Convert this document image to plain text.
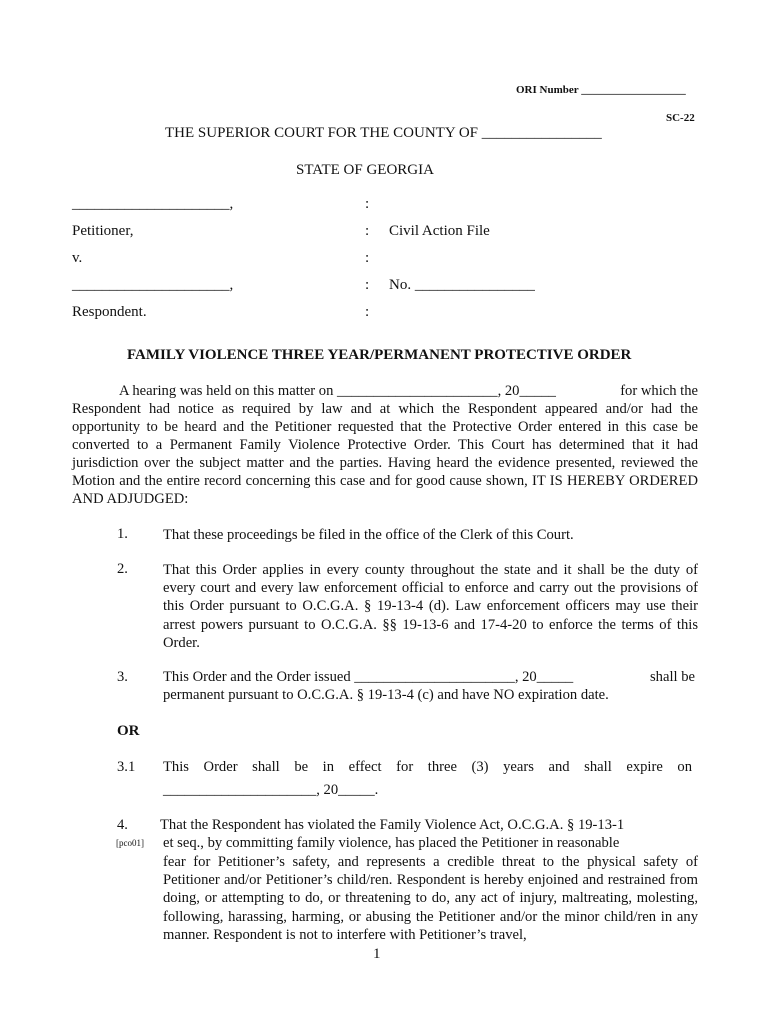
ORI Number ___________________
SC-22
THE SUPERIOR COURT FOR THE COUNTY OF ________________
STATE OF GEORGIA
_____________________,
Petitioner,
v.
_____________________,
Respondent.
:
:
:
:
:
Civil Action File
No. ________________
FAMILY VIOLENCE THREE YEAR/PERMANENT PROTECTIVE ORDER
A hearing was held on this matter on ______________________, 20_____	for which the
Respondent had notice as required by law and at which the Respondent appeared and/or had the opportunity to be heard and the Petitioner requested that the Protective Order entered in this case be converted to a Permanent Family Violence Protective Order. This Court has determined that it had jurisdiction over the subject matter and the parties. Having heard the evidence presented, reviewed the Motion and the entire record concerning this case and for good cause shown, IT IS HEREBY ORDERED AND ADJUDGED:
1. That these proceedings be filed in the office of the Clerk of this Court.
2. That this Order applies in every county throughout the state and it shall be the duty of every court and every law enforcement official to enforce and carry out the provisions of this Order pursuant to O.C.G.A. § 19-13-4 (d). Law enforcement officers may use their arrest powers pursuant to O.C.G.A. §§ 19-13-6 and 17-4-20 to enforce the terms of this Order.
3. This Order and the Order issued ______________________, 20_____	shall be
permanent pursuant to O.C.G.A. § 19-13-4 (c) and have NO expiration date.
OR
3.1 This Order shall be in effect for three (3) years and shall expire on
_____________________, 20_____.
4. That the Respondent has violated the Family Violence Act, O.C.G.A. § 19-13-1
[pco01] et seq., by committing family violence, has placed the Petitioner in reasonable
fear for Petitioner’s safety, and represents a credible threat to the physical safety of Petitioner and/or Petitioner’s child/ren. Respondent is hereby enjoined and restrained from doing, or attempting to do, or threatening to do, any act of injury, maltreating, molesting, following, harassing, harming, or abusing the Petitioner and/or the minor child/ren in any manner. Respondent is not to interfere with Petitioner’s travel,
1
